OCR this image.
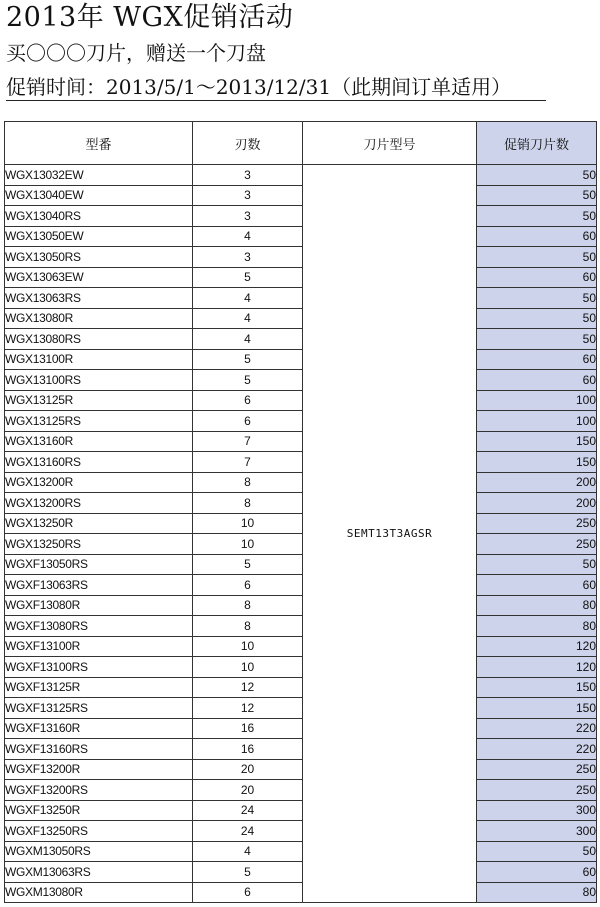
2013年 WGX促销活动
买〇〇〇刀片，赠送一个刀盘
促销时间：2013/5/1～2013/12/31（此期间订单适用）
型番	刃数	刀片型号	促销刀片数
WGX13032EW	3	SEMT13T3AGSR	50
WGX13040EW	3		50
WGX13040RS	3		50
WGX13050EW	4		60
WGX13050RS	3		50
WGX13063EW	5		60
WGX13063RS	4		50
WGX13080R	4		50
WGX13080RS	4		50
WGX13100R	5		60
WGX13100RS	5		60
WGX13125R	6		100
WGX13125RS	6		100
WGX13160R	7		150
WGX13160RS	7		150
WGX13200R	8		200
WGX13200RS	8		200
WGX13250R	10		250
WGX13250RS	10		250
WGXF13050RS	5		50
WGXF13063RS	6		60
WGXF13080R	8		80
WGXF13080RS	8		80
WGXF13100R	10		120
WGXF13100RS	10		120
WGXF13125R	12		150
WGXF13125RS	12		150
WGXF13160R	16		220
WGXF13160RS	16		220
WGXF13200R	20		250
WGXF13200RS	20		250
WGXF13250R	24		300
WGXF13250RS	24		300
WGXM13050RS	4		50
WGXM13063RS	5		60
WGXM13080R	6		80
